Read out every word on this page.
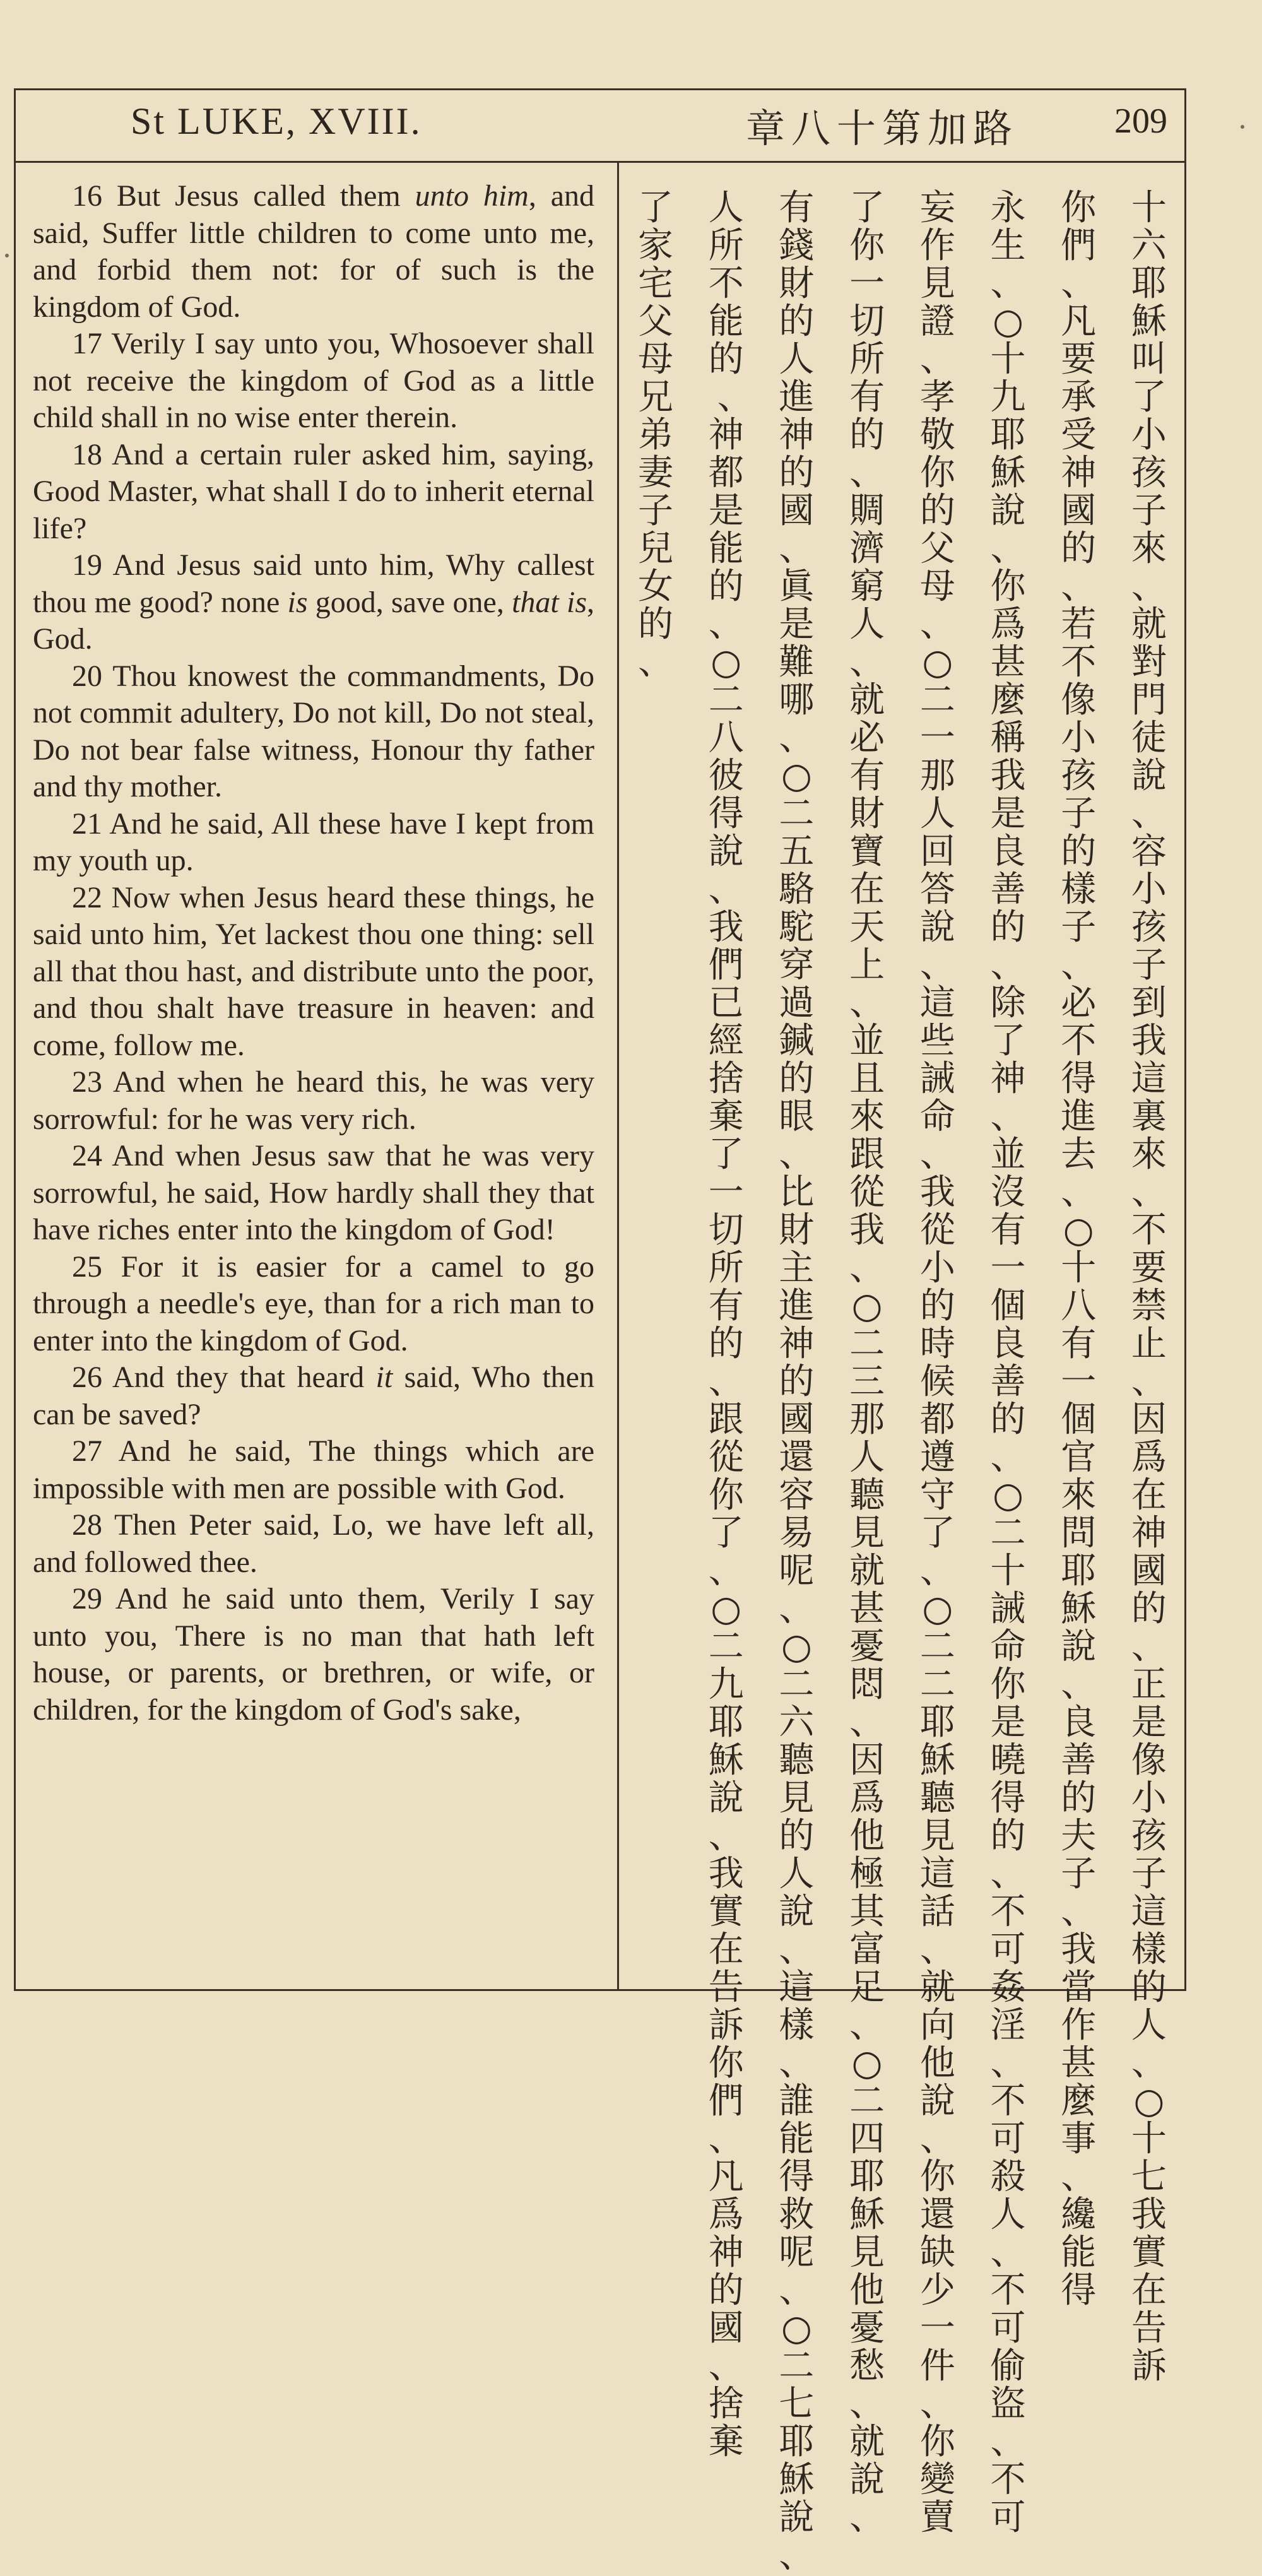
St LUKE, XVIII.	章八十第加路	209

16 But Jesus called them unto him, and said, Suffer little children to come unto me, and forbid them not: for of such is the kingdom of God.

17 Verily I say unto you, Whosoever shall not receive the kingdom of God as a little child shall in no wise enter therein.

18 And a certain ruler asked him, saying, Good Master, what shall I do to inherit eternal life?

19 And Jesus said unto him, Why callest thou me good? none is good, save one, that is, God.

20 Thou knowest the commandments, Do not commit adultery, Do not kill, Do not steal, Do not bear false witness, Honour thy father and thy mother.

21 And he said, All these have I kept from my youth up.

22 Now when Jesus heard these things, he said unto him, Yet lackest thou one thing: sell all that thou hast, and distribute unto the poor, and thou shalt have treasure in heaven: and come, follow me.

23 And when he heard this, he was very sorrowful: for he was very rich.

24 And when Jesus saw that he was very sorrowful, he said, How hardly shall they that have riches enter into the kingdom of God!

25 For it is easier for a camel to go through a needle's eye, than for a rich man to enter into the kingdom of God.

26 And they that heard it said, Who then can be saved?

27 And he said, The things which are impossible with men are possible with God.

28 Then Peter said, Lo, we have left all, and followed thee.

29 And he said unto them, Verily I say unto you, There is no man that hath left house, or parents, or brethren, or wife, or children, for the kingdom of God's sake,

十六耶穌叫了小孩子來、就對門徒說、容小孩子到我這裏來、不要禁止、因爲在　神國的、正是像小孩子這樣的人、○十七我實在告訴
你們、凡要承受　神國的、若不像小孩子的樣子、必不得進去、○十八有一個官來問耶穌說、良善的夫子、我當作甚麼事、纔能得
永生、○十九耶穌說、你爲甚麼稱我是良善的、除了　神、並沒有一個良善的、○二十誡命你是曉得的、不可姦淫、不可殺人、不可偷盜、不可
妄作見證、孝敬你的父母、○二一那人回答說、這些誡命、我從小的時候都遵守了、○二二耶穌聽見這話、就向他說、你還缺少一件、你變賣
了你一切所有的、賙濟窮人、就必有財寶在天上、並且來跟從我、○二三那人聽見就甚憂悶、因爲他極其富足、○二四耶穌見他憂愁、就說、
有錢財的人進　神的國、眞是難哪、○二五駱駝穿過鍼的眼、比財主進　神的國還容易呢、○二六聽見的人說、這樣、誰能得救呢、○二七耶穌說、
人所不能的、　神都是能的、○二八彼得說、我們已經捨棄了一切所有的、跟從你了、○二九耶穌說、我實在告訴你們、凡爲　神的國、捨棄
了家宅父母兄弟妻子兒女的、
